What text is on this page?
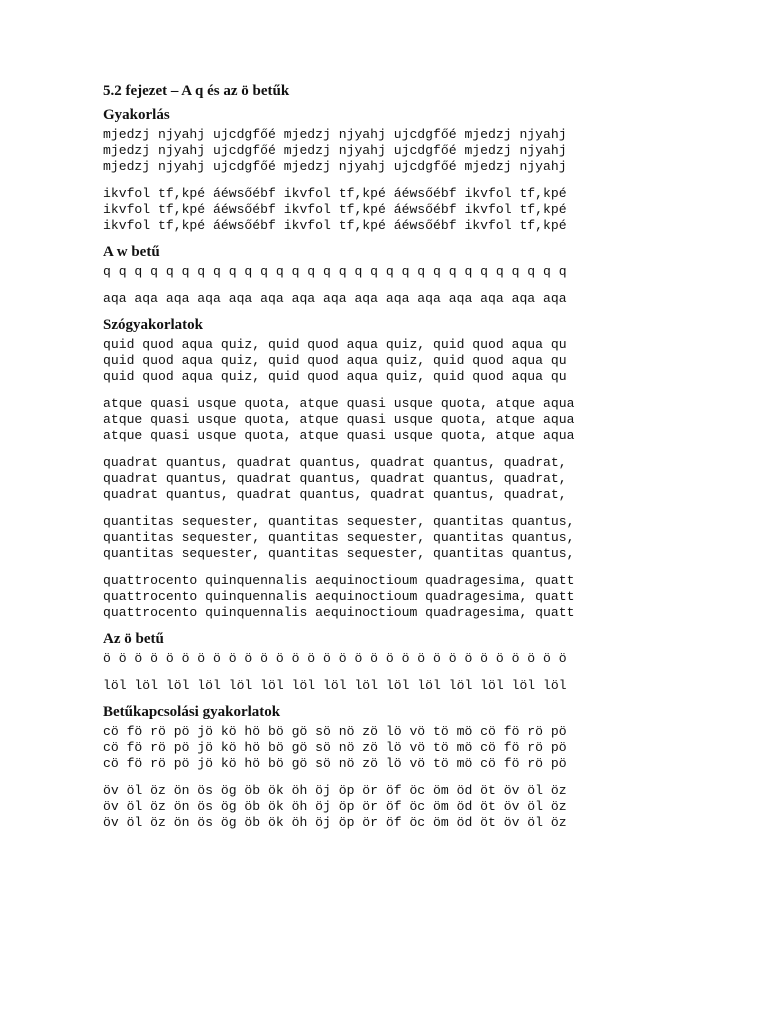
5.2 fejezet – A q és az ö betűk
Gyakorlás
mjedzj njyahj ujcdgfőé mjedzj njyahj ujcdgfőé mjedzj njyahj
mjedzj njyahj ujcdgfőé mjedzj njyahj ujcdgfőé mjedzj njyahj
mjedzj njyahj ujcdgfőé mjedzj njyahj ujcdgfőé mjedzj njyahj
ikvfol tf,kpé áéwsőébf ikvfol tf,kpé áéwsőébf ikvfol tf,kpé
ikvfol tf,kpé áéwsőébf ikvfol tf,kpé áéwsőébf ikvfol tf,kpé
ikvfol tf,kpé áéwsőébf ikvfol tf,kpé áéwsőébf ikvfol tf,kpé
A w betű
q q q q q q q q q q q q q q q q q q q q q q q q q q q q q q
aqa aqa aqa aqa aqa aqa aqa aqa aqa aqa aqa aqa aqa aqa aqa
Szógyakorlatok
quid quod aqua quiz, quid quod aqua quiz, quid quod aqua qu
quid quod aqua quiz, quid quod aqua quiz, quid quod aqua qu
quid quod aqua quiz, quid quod aqua quiz, quid quod aqua qu
atque quasi usque quota, atque quasi usque quota, atque aqua
atque quasi usque quota, atque quasi usque quota, atque aqua
atque quasi usque quota, atque quasi usque quota, atque aqua
quadrat quantus, quadrat quantus, quadrat quantus, quadrat,
quadrat quantus, quadrat quantus, quadrat quantus, quadrat,
quadrat quantus, quadrat quantus, quadrat quantus, quadrat,
quantitas sequester, quantitas sequester, quantitas quantus,
quantitas sequester, quantitas sequester, quantitas quantus,
quantitas sequester, quantitas sequester, quantitas quantus,
quattrocento quinquennalis aequinoctioum quadragesima, quatt
quattrocento quinquennalis aequinoctioum quadragesima, quatt
quattrocento quinquennalis aequinoctioum quadragesima, quatt
Az ö betű
ö ö ö ö ö ö ö ö ö ö ö ö ö ö ö ö ö ö ö ö ö ö ö ö ö ö ö ö ö ö
löl löl löl löl löl löl löl löl löl löl löl löl löl löl löl
Betűkapcsolási gyakorlatok
cö fö rö pö jö kö hö bö gö sö nö zö lö vö tö mö cö fö rö pö
cö fö rö pö jö kö hö bö gö sö nö zö lö vö tö mö cö fö rö pö
cö fö rö pö jö kö hö bö gö sö nö zö lö vö tö mö cö fö rö pö
öv öl öz ön ös ög öb ök öh öj öp ör öf öc öm öd öt öv öl öz
öv öl öz ön ös ög öb ök öh öj öp ör öf öc öm öd öt öv öl öz
öv öl öz ön ös ög öb ök öh öj öp ör öf öc öm öd öt öv öl öz
